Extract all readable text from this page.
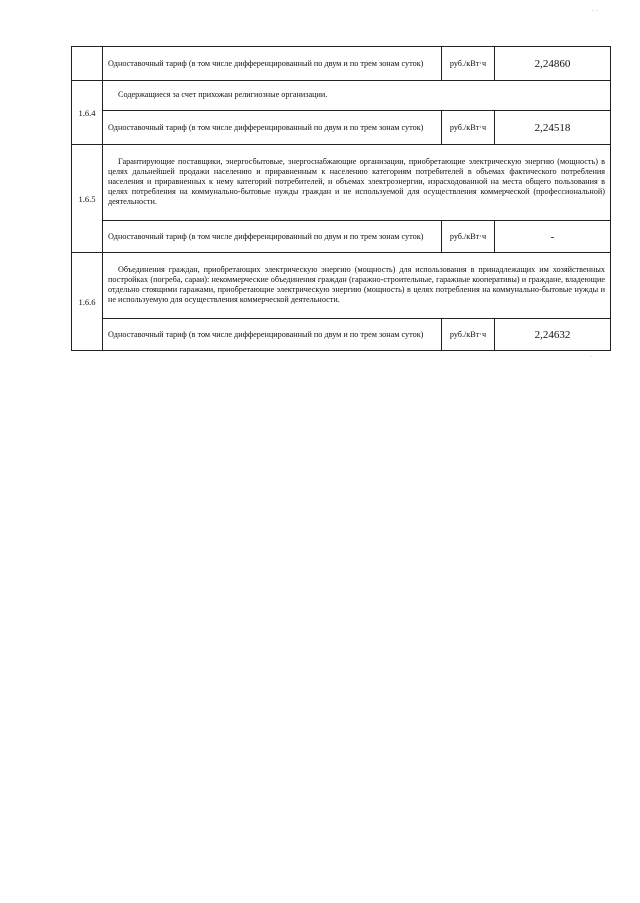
	Одноставочный тариф (в том числе дифференцированный по двум и по трем зонам суток)	руб./кВт·ч	2,24860
1.6.4	Содержащиеся за счет прихожан религиозные организации.		

	Одноставочный тариф (в том числе дифференцированный по двум и по трем зонам суток)	руб./кВт·ч	2,24518
1.6.5	Гарантирующие поставщики, энергосбытовые, энергоснабжающие организации, приобретающие электрическую энергию (мощность) в целях дальнейшей продажи населению и приравненным к населению категориям потребителей в объемах фактического потребления населения и приравненных к нему категорий потребителей, и объемах электроэнергии, израсходованной на места общего пользования в целях потребления на коммунально-бытовые нужды граждан и не используемой для осуществления коммерческой (профессиональной) деятельности.		

	Одноставочный тариф (в том числе дифференцированный по двум и по трем зонам суток)	руб./кВт·ч	-
1.6.6	Объединения граждан, приобретающих электрическую энергию (мощность) для использования в принадлежащих им хозяйственных постройках (погреба, сараи): некоммерческие объединения граждан (гаражно-строительные, гаражные кооперативы) и граждане, владеющие отдельно стоящими гаражами, приобретающие электрическую энергию (мощность) в целях потребления на коммунально-бытовые нужды и не используемую для осуществления коммерческой деятельности.		

	Одноставочный тариф (в том числе дифференцированный по двум и по трем зонам суток)	руб./кВт·ч	2,24632
· ·
·
